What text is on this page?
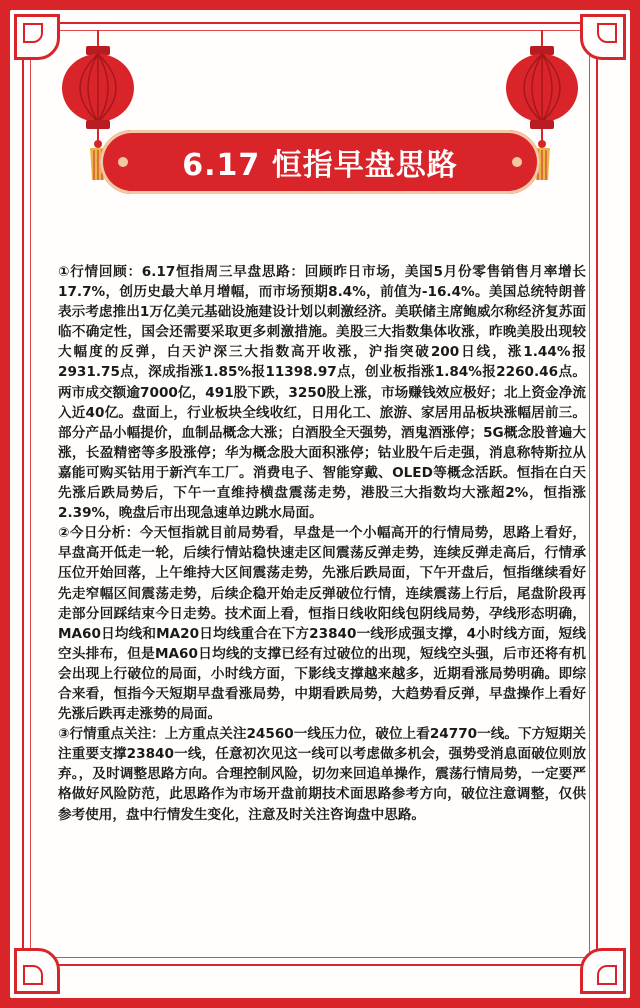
6.17 恒指早盘思路

①行情回顾：6.17恒指周三早盘思路：回顾昨日市场，美国5月份零售销售月率增长17.7%，创历史最大单月增幅，而市场预期8.4%，前值为-16.4%。美国总统特朗普表示考虑推出1万亿美元基础设施建设计划以刺激经济。美联储主席鲍威尔称经济复苏面临不确定性，国会还需要采取更多刺激措施。美股三大指数集体收涨，昨晚美股出现较大幅度的反弹，白天沪深三大指数高开收涨，沪指突破200日线，涨1.44%报2931.75点，深成指涨1.85%报11398.97点，创业板指涨1.84%报2260.46点。两市成交额逾7000亿，491股下跌，3250股上涨，市场赚钱效应极好；北上资金净流入近40亿。盘面上，行业板块全线收红，日用化工、旅游、家居用品板块涨幅居前三。部分产品小幅提价，血制品概念大涨；白酒股全天强势，酒鬼酒涨停；5G概念股普遍大涨，长盈精密等多股涨停；华为概念股大面积涨停；钴业股午后走强，消息称特斯拉从嘉能可购买钴用于新汽车工厂。消费电子、智能穿戴、OLED等概念活跃。恒指在白天先涨后跌局势后，下午一直维持横盘震荡走势，港股三大指数均大涨超2%，恒指涨2.39%，晚盘后市出现急速单边跳水局面。

②今日分析：今天恒指就目前局势看，早盘是一个小幅高开的行情局势，思路上看好，早盘高开低走一轮，后续行情站稳快速走区间震荡反弹走势，连续反弹走高后，行情承压位开始回落，上午维持大区间震荡走势，先涨后跌局面，下午开盘后，恒指继续看好先走窄幅区间震荡走势，后续企稳开始走反弹破位行情，连续震荡上行后，尾盘阶段再走部分回踩结束今日走势。技术面上看，恒指日线收阳线包阴线局势，孕线形态明确，MA60日均线和MA20日均线重合在下方23840一线形成强支撑，4小时线方面，短线空头排布，但是MA60日均线的支撑已经有过破位的出现，短线空头强，后市还将有机会出现上行破位的局面，小时线方面，下影线支撑越来越多，近期看涨局势明确。即综合来看，恒指今天短期早盘看涨局势，中期看跌局势，大趋势看反弹，早盘操作上看好先涨后跌再走涨势的局面。

③行情重点关注：上方重点关注24560一线压力位，破位上看24770一线。下方短期关注重要支撑23840一线，任意初次见这一线可以考虑做多机会，强势受消息面破位则放弃。，及时调整思路方向。合理控制风险，切勿来回追单操作，震荡行情局势，一定要严格做好风险防范，此思路作为市场开盘前期技术面思路参考方向，破位注意调整，仅供参考使用，盘中行情发生变化，注意及时关注咨询盘中思路。
